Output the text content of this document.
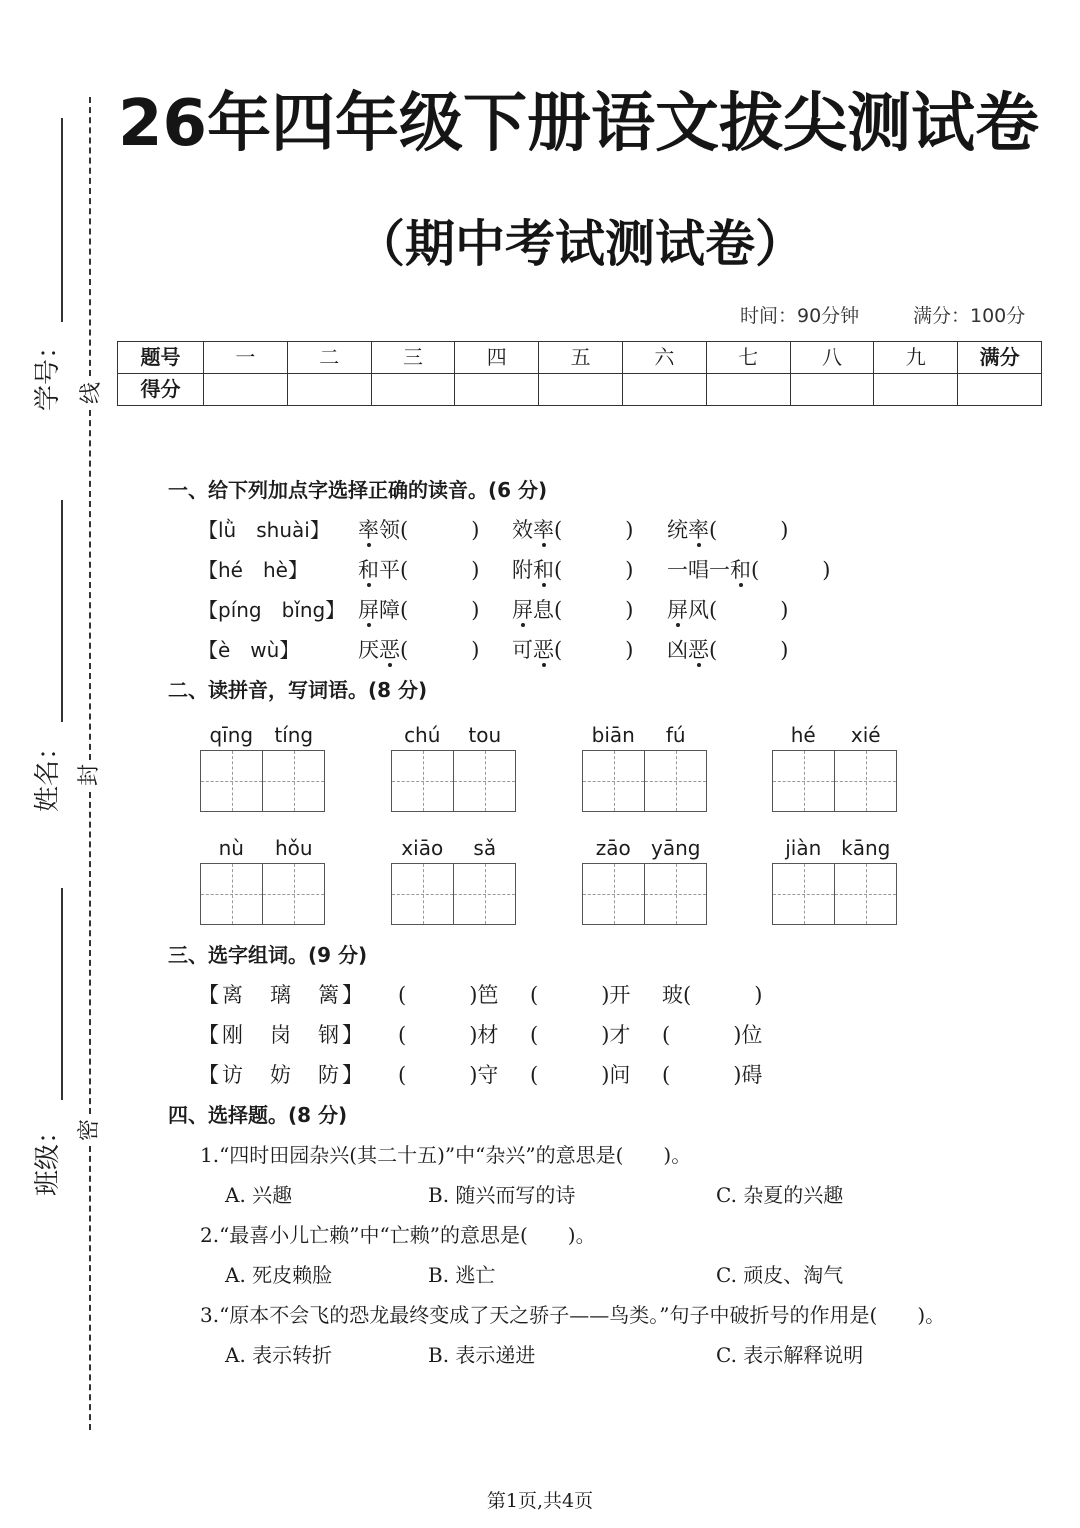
学号：
姓名：
班级：
线
封
密
26年四年级下册语文拔尖测试卷
（期中考试测试卷）
时间：90分钟	满分：100分
题号	一	二	三	四	五	六	七	八	九	满分
得分										
一、给下列加点字选择正确的读音。(6 分)
【lǜ　shuài】 率领(　　　) 效率(　　　) 统率(　　　)
【hé　hè】 和平(　　　) 附和(　　　) 一唱一和(　　　)
【píng　bǐng】 屏障(　　　) 屏息(　　　) 屏风(　　　)
【è　wù】	厌恶(　　　) 可恶(　　　) 凶恶(　　　)
二、读拼音，写词语。(8 分)
qīng	tíng	chú	tou	biān	fú	hé	xié
nù	hǒu	xiāo	sǎ	zāo	yāng	jiàn kāng
三、选字组词。(9 分)
【离　璃　篱】 (　　　)笆 (　　　)开 玻(　　　)
【刚　岗　钢】 (　　　)材 (　　　)才 (　　　)位
【访　妨　防】 (　　　)守 (　　　)问 (　　　)碍
四、选择题。(8 分)
1.“四时田园杂兴(其二十五)”中“杂兴”的意思是(　　)。
A. 兴趣	B. 随兴而写的诗	C. 杂夏的兴趣
2.“最喜小儿亡赖”中“亡赖”的意思是(　　)。
A. 死皮赖脸	B. 逃亡	C. 顽皮、淘气
3.“原本不会飞的恐龙最终变成了天之骄子——鸟类。”句子中破折号的作用是(　　)。
A. 表示转折	B. 表示递进	C. 表示解释说明
第1页,共4页
